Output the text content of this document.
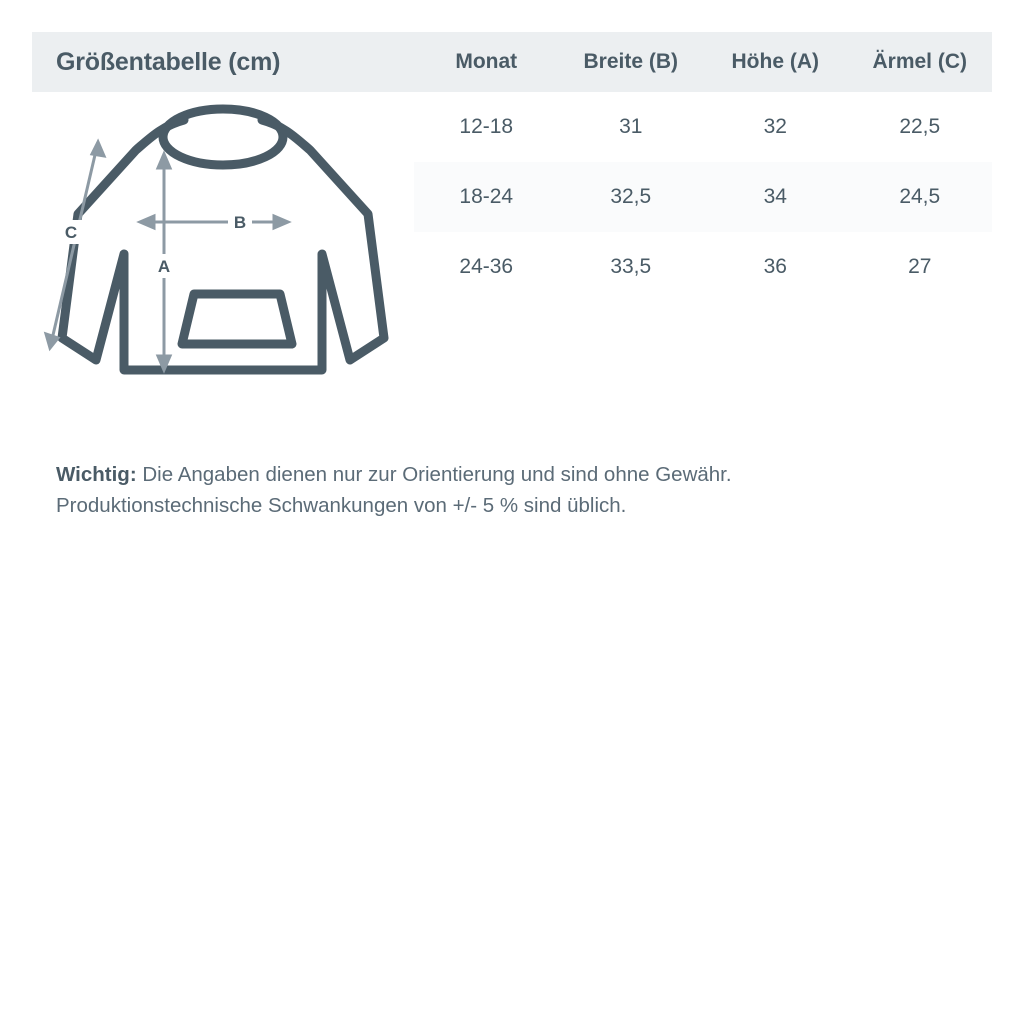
Größentabelle (cm)	Monat	Breite (B)	Höhe (A)	Ärmel (C)
C
B
A
12-18	31	32	22,5
18-24	32,5	34	24,5
24-36	33,5	36	27
Wichtig: Die Angaben dienen nur zur Orientierung und sind ohne Gewähr.
Produktionstechnische Schwankungen von +/- 5 % sind üblich.
